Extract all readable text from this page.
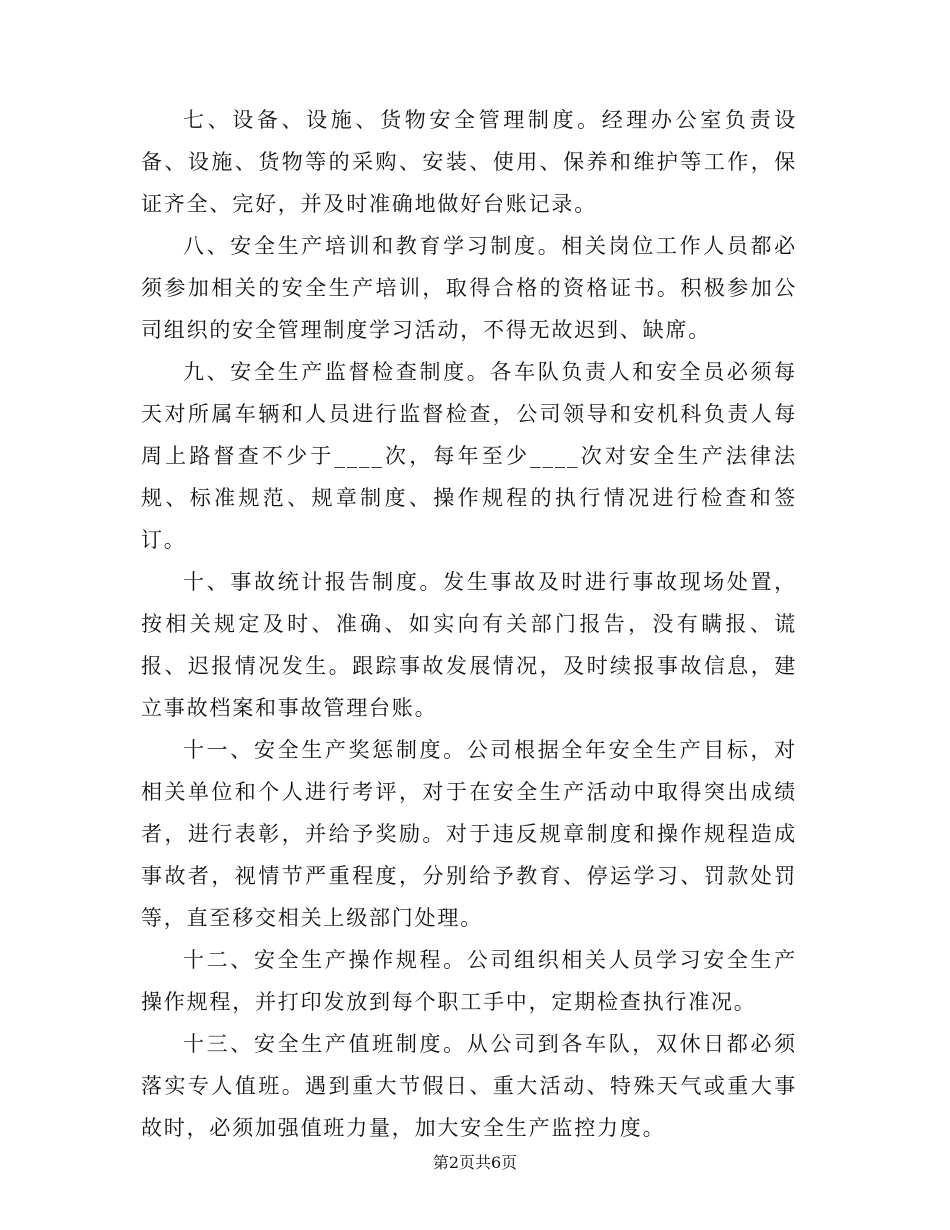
七、设备、设施、货物安全管理制度。经理办公室负责设备、设施、货物等的采购、安装、使用、保养和维护等工作，保证齐全、完好，并及时准确地做好台账记录。

八、安全生产培训和教育学习制度。相关岗位工作人员都必须参加相关的安全生产培训，取得合格的资格证书。积极参加公司组织的安全管理制度学习活动，不得无故迟到、缺席。

九、安全生产监督检查制度。各车队负责人和安全员必须每天对所属车辆和人员进行监督检查，公司领导和安机科负责人每周上路督查不少于____次，每年至少____次对安全生产法律法规、标准规范、规章制度、操作规程的执行情况进行检查和签订。

十、事故统计报告制度。发生事故及时进行事故现场处置，按相关规定及时、准确、如实向有关部门报告，没有瞒报、谎报、迟报情况发生。跟踪事故发展情况，及时续报事故信息，建立事故档案和事故管理台账。

十一、安全生产奖惩制度。公司根据全年安全生产目标，对相关单位和个人进行考评，对于在安全生产活动中取得突出成绩者，进行表彰，并给予奖励。对于违反规章制度和操作规程造成事故者，视情节严重程度，分别给予教育、停运学习、罚款处罚等，直至移交相关上级部门处理。

十二、安全生产操作规程。公司组织相关人员学习安全生产操作规程，并打印发放到每个职工手中，定期检查执行准况。

十三、安全生产值班制度。从公司到各车队，双休日都必须落实专人值班。遇到重大节假日、重大活动、特殊天气或重大事故时，必须加强值班力量，加大安全生产监控力度。

第2页共6页
